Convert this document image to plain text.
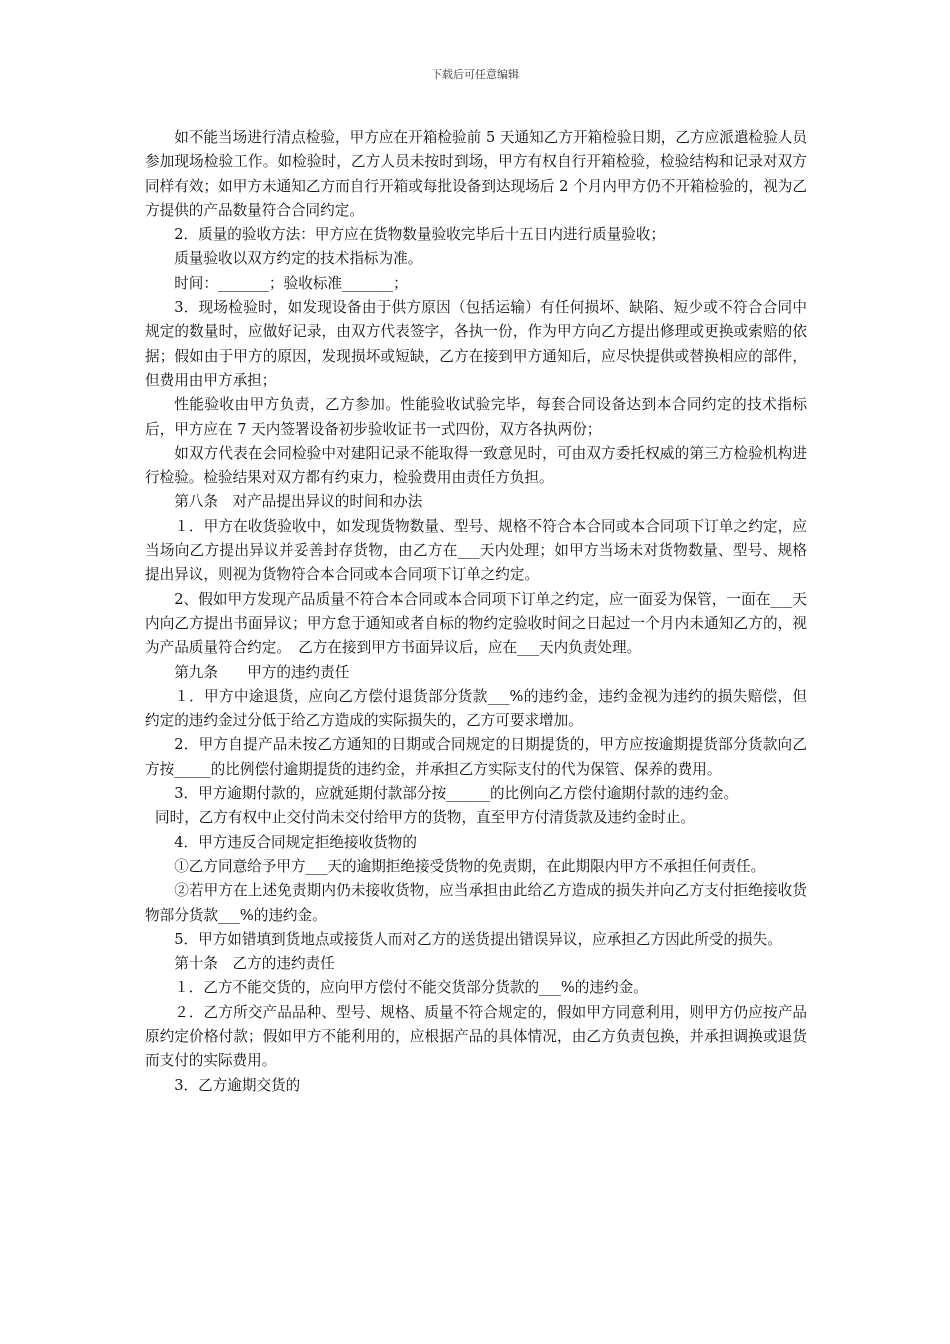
下载后可任意编辑

如不能当场进行清点检验，甲方应在开箱检验前 5 天通知乙方开箱检验日期，乙方应派遣检验人员参加现场检验工作。如检验时，乙方人员未按时到场，甲方有权自行开箱检验，检验结构和记录对双方同样有效；如甲方未通知乙方而自行开箱或每批设备到达现场后 2 个月内甲方仍不开箱检验的，视为乙方提供的产品数量符合合同约定。

2．质量的验收方法：甲方应在货物数量验收完毕后十五日内进行质量验收；

质量验收以双方约定的技术指标为准。

时间：_______；验收标准_______；

3．现场检验时，如发现设备由于供方原因（包括运输）有任何损坏、缺陷、短少或不符合合同中规定的数量时，应做好记录，由双方代表签字，各执一份，作为甲方向乙方提出修理或更换或索赔的依据；假如由于甲方的原因，发现损坏或短缺，乙方在接到甲方通知后，应尽快提供或替换相应的部件，但费用由甲方承担；

性能验收由甲方负责，乙方参加。性能验收试验完毕，每套合同设备达到本合同约定的技术指标后，甲方应在 7 天内签署设备初步验收证书一式四份，双方各执两份；

如双方代表在会同检验中对建阳记录不能取得一致意见时，可由双方委托权威的第三方检验机构进行检验。检验结果对双方都有约束力，检验费用由责任方负担。

第八条　对产品提出异议的时间和办法

１．甲方在收货验收中，如发现货物数量、型号、规格不符合本合同或本合同项下订单之约定，应当场向乙方提出异议并妥善封存货物，由乙方在___天内处理；如甲方当场未对货物数量、型号、规格提出异议，则视为货物符合本合同或本合同项下订单之约定。

2、假如甲方发现产品质量不符合本合同或本合同项下订单之约定，应一面妥为保管，一面在___天内向乙方提出书面异议；甲方怠于通知或者自标的物约定验收时间之日起过一个月内未通知乙方的，视为产品质量符合约定。　乙方在接到甲方书面异议后，应在___天内负责处理。

第九条　　甲方的违约责任

１．甲方中途退货，应向乙方偿付退货部分货款___%的违约金，违约金视为违约的损失赔偿，但约定的违约金过分低于给乙方造成的实际损失的，乙方可要求增加。

2．甲方自提产品未按乙方通知的日期或合同规定的日期提货的，甲方应按逾期提货部分货款向乙方按_____的比例偿付逾期提货的违约金，并承担乙方实际支付的代为保管、保养的费用。

3．甲方逾期付款的，应就延期付款部分按______的比例向乙方偿付逾期付款的违约金。

同时，乙方有权中止交付尚未交付给甲方的货物，直至甲方付清货款及违约金时止。

4．甲方违反合同规定拒绝接收货物的

①乙方同意给予甲方___天的逾期拒绝接受货物的免责期，在此期限内甲方不承担任何责任。

②若甲方在上述免责期内仍未接收货物，应当承担由此给乙方造成的损失并向乙方支付拒绝接收货物部分货款___%的违约金。

5．甲方如错填到货地点或接货人而对乙方的送货提出错误异议，应承担乙方因此所受的损失。

第十条　乙方的违约责任

１．乙方不能交货的，应向甲方偿付不能交货部分货款的___%的违约金。

２．乙方所交产品品种、型号、规格、质量不符合规定的，假如甲方同意利用，则甲方仍应按产品原约定价格付款；假如甲方不能利用的，应根据产品的具体情况，由乙方负责包换，并承担调换或退货而支付的实际费用。

3．乙方逾期交货的
